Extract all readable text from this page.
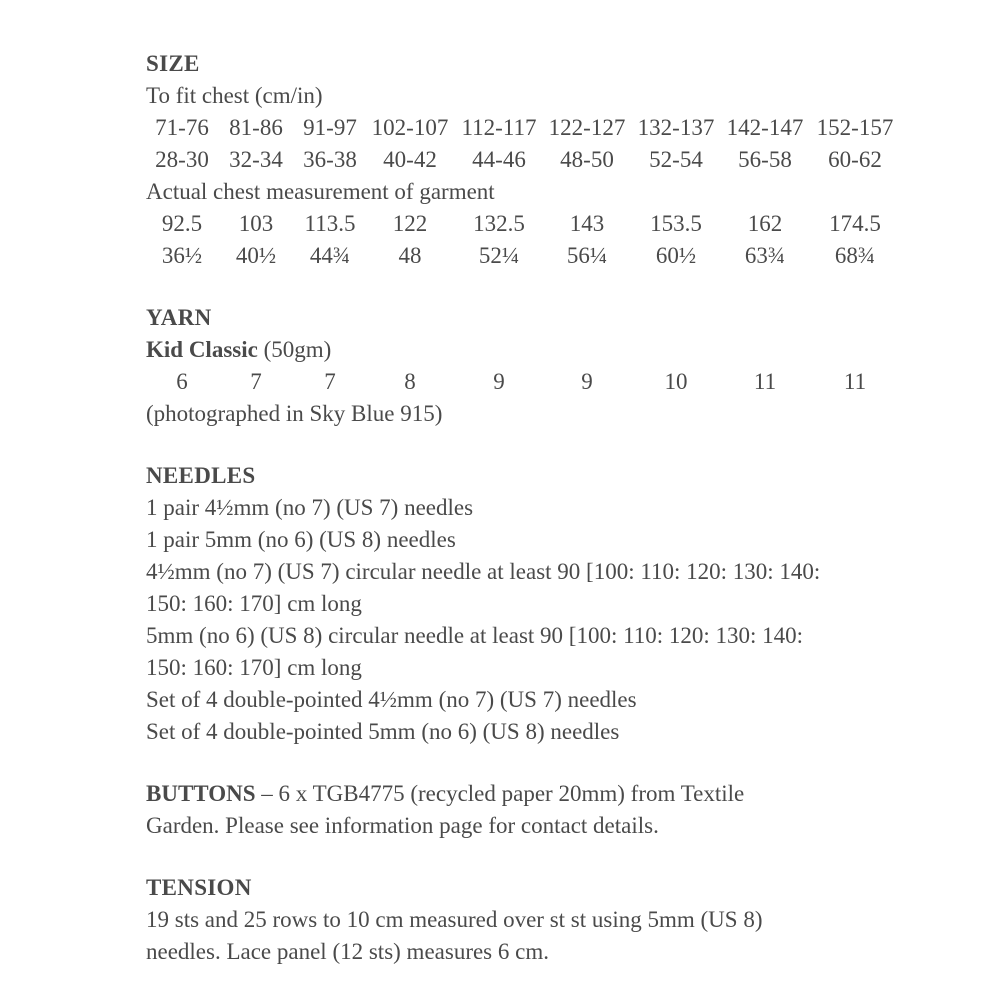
SIZE
To fit chest (cm/in)
71-76 81-86 91-97 102-107 112-117 122-127 132-137 142-147 152-157
28-30 32-34 36-38 40-42 44-46 48-50 52-54 56-58 60-62
Actual chest measurement of garment
92.5 103 113.5 122 132.5 143 153.5 162 174.5
36½ 40½ 44¾ 48 52¼ 56¼ 60½ 63¾ 68¾
YARN
Kid Classic (50gm)
6	7	7	8	9	9	10	11	11
(photographed in Sky Blue 915)
NEEDLES
1 pair 4½mm (no 7) (US 7) needles
1 pair 5mm (no 6) (US 8) needles
4½mm (no 7) (US 7) circular needle at least 90 [100: 110: 120: 130: 140:
150: 160: 170] cm long
5mm (no 6) (US 8) circular needle at least 90 [100: 110: 120: 130: 140:
150: 160: 170] cm long
Set of 4 double-pointed 4½mm (no 7) (US 7) needles
Set of 4 double-pointed 5mm (no 6) (US 8) needles
BUTTONS – 6 x TGB4775 (recycled paper 20mm) from Textile
Garden. Please see information page for contact details.
TENSION
19 sts and 25 rows to 10 cm measured over st st using 5mm (US 8)
needles. Lace panel (12 sts) measures 6 cm.
